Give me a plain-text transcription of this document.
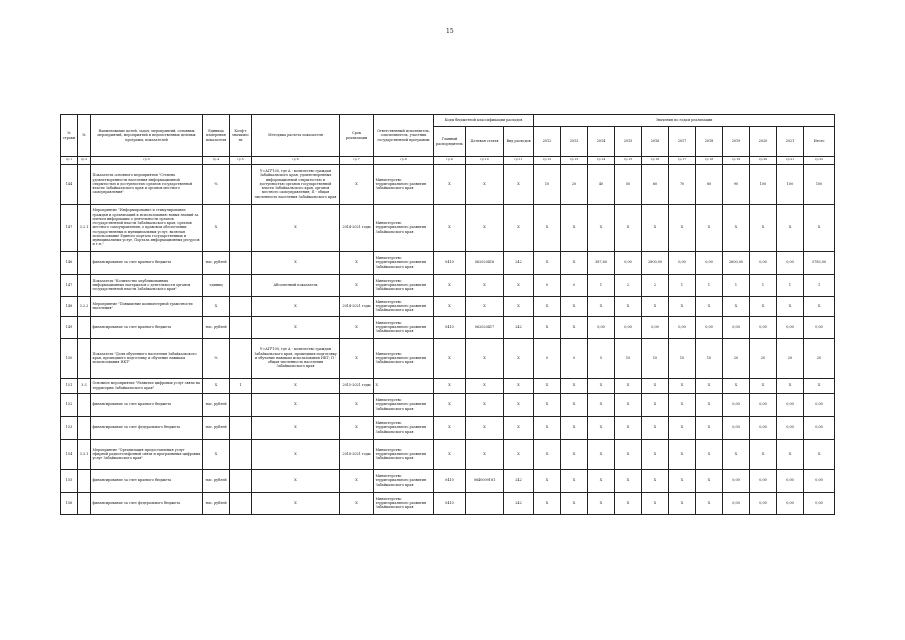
15
№ строки	№	Наименование целей, задач, мероприятий, основных мероприятий, мероприятий и ведомственных целевых программ, показателей	Единица измерения показателя	Коэф-т значимости	Методика расчета показателя	Срок реализации	Ответственный исполнитель, соисполнитель, участник государственной программы	Коды бюджетной классификации расходов			Значения по годам реализации										
								Главный распорядитель	Целевая статья	Вид расходов	2012	2013	2014	2015	2016	2017	2018	2019	2020	2021	Итого
гр.1	гр.2	гр.3	гр.4	гр.5	гр.6	гр.7	гр.8	гр.9	гр.10	гр.11	гр.12	гр.13	гр.14	гр.15	гр.16	гр.17	гр.18	гр.19	гр.20	гр.21	гр.22
144		Показатель основного мероприятия "Степень удовлетворенности населения информационной открытостью и доступностью органов государственной власти Забайкальского края и органов местного самоуправления"	%		У=АП*100, где А - количество граждан Забайкальского края, удовлетворенных информационной открытостью и доступностью органов государственной власти Забайкальского края, органов местного самоуправления; П - общая численность населения Забайкальского края	Х	Министерство территориального развития Забайкальского края	Х	Х	Х	10	20	40	50	60	70	80	90	100	100	100
147	3.2.1	Мероприятие "Информирование и стимулирование граждан и организаций к использованию новых знаний за плечом информации о деятельности органов государственной власти Забайкальского края, органов местного самоуправления, о правовом обеспечении государственных и муниципальных услуг, включая использование Единого портала государственных и муниципальных услуг, Портала информационных ресурсов и т.п."	Х		Х	2014-2021 годы	Министерство территориального развития Забайкальского края	Х	Х	Х	Х	Х	Х	Х	Х	Х	Х	Х	Х	Х	Х
146		финансирование за счет краевого бюджета	тыс. рублей		Х	Х	Министерство территориального развития Забайкальского края	0410	062020416	242	Х	Х	387,60	0,00	2800,00	0,00	0,00	2600,00	0,00	0,00	5783,00
147		Показатель "Количество опубликованных информационных материалов о деятельности органов государственной власти Забайкальского края"	единиц		Абсолютный показатель	Х	Министерство территориального развития Забайкальского края	Х	Х	Х	0	0	1	2	2	1	1	1	1	1	1
148	3.2.2	Мероприятие "Повышение компьютерной грамотности населения"	Х		Х	2014-2021 годы	Министерство территориального развития Забайкальского края	Х	Х	Х	Х	Х	Х	Х	Х	Х	Х	Х	Х	Х	Х
149		финансирование за счет краевого бюджета	тыс. рублей		Х	Х	Министерство территориального развития Забайкальского края	0410	062020417	242	Х	Х	0,00	0,00	0,00	0,00	0,00	0,00	0,00	0,00	0,00
150		Показатель "Доля обученного населения Забайкальского края, прошедшего подготовку и обучение навыкам использования ИКТ"	%		У=АП*100, где А - количество граждан Забайкальского края, прошедших подготовку и обучение навыкам использования ИКТ; П - общая численность населения Забайкальского края	Х	Министерство территориального развития Забайкальского края	Х	Х	Х	0	0	5	10	10	10	10	20	20	20	20
151	3.3	Основное мероприятие "Развитие цифровых услуг связи на территории Забайкальского края"	Х	1	Х	2015-2021 годы	Х	Х	Х	Х	Х	Х	Х	Х	Х	Х	Х	Х	Х	Х	Х
152		финансирование за счет краевого бюджета	тыс. рублей		Х	Х	Министерство территориального развития Забайкальского края	Х	Х	Х	Х	Х	Х	Х	Х	Х	Х	0,00	0,00	0,00	0,00
153		финансирование за счет федерального бюджета	тыс. рублей		Х	Х	Министерство территориального развития Забайкальского края	Х	Х	Х	Х	Х	Х	Х	Х	Х	Х	0,00	0,00	0,00	0,00
154	3.3.1	Мероприятие "Организация предоставления услуг эфирной радиотелефонной связи и программных цифровых услуг Забайкальского края"	Х		Х	2018-2021 годы	Министерство территориального развития Забайкальского края	Х	Х	Х	Х	Х	Х	Х	Х	Х	Х	Х	Х	Х	Х
155		финансирование за счет краевого бюджета	тыс. рублей		Х	Х	Министерство территориального развития Забайкальского края	0410	0640009181	242	Х	Х	Х	Х	Х	Х	Х	0,00	0,00	0,00	0,00
156		финансирование за счет федерального бюджета	тыс. рублей		Х	Х	Министерство территориального развития Забайкальского края	0410		242	Х	Х	Х	Х	Х	Х	Х	0,00	0,00	0,00	0,00
